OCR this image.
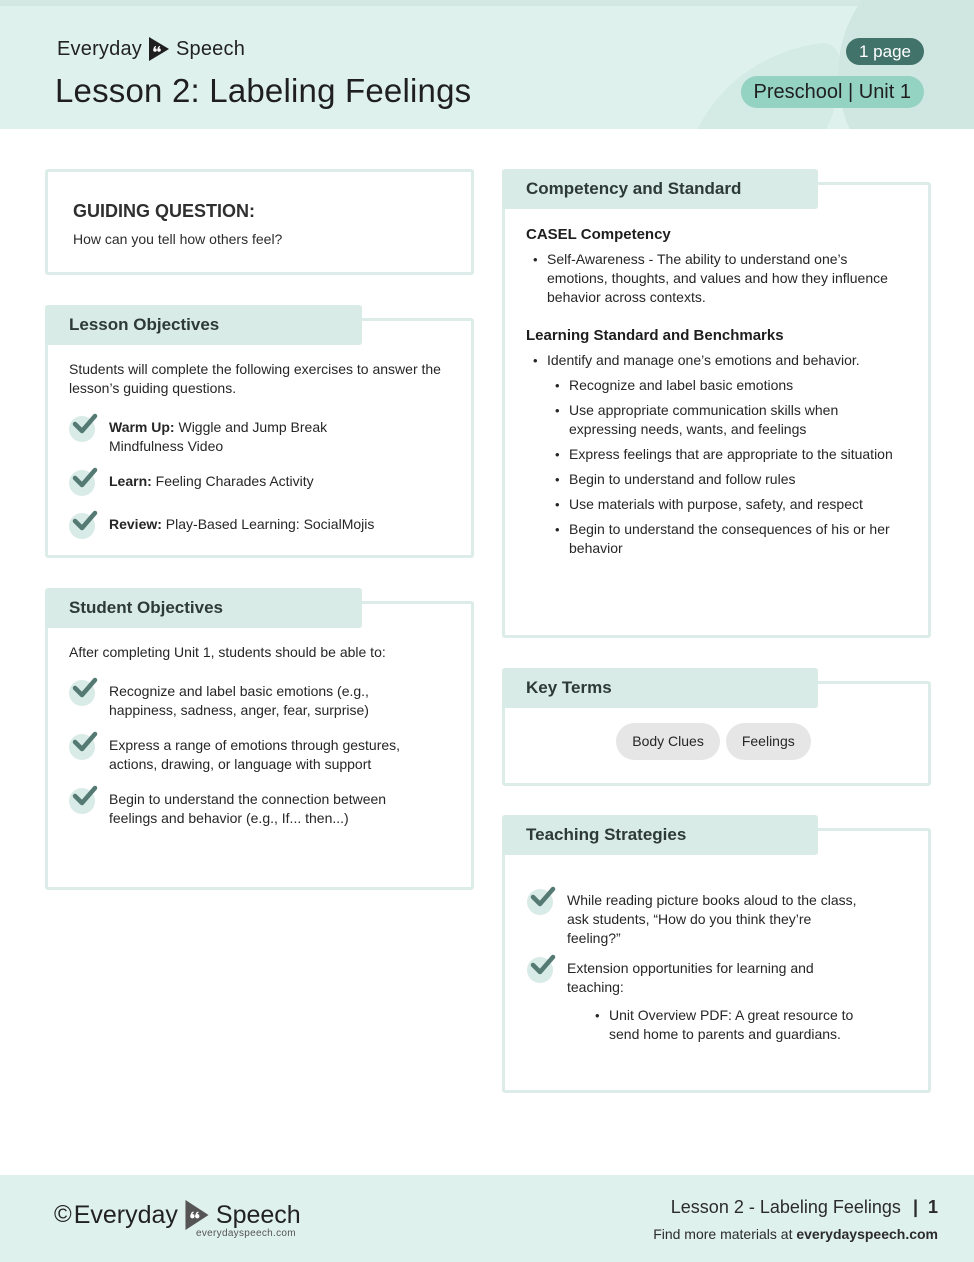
Everyday Speech
Lesson 2: Labeling Feelings
1 page
Preschool | Unit 1
GUIDING QUESTION:
How can you tell how others feel?
Students will complete the following exercises to answer the lesson’s guiding questions.
Warm Up: Wiggle and Jump Break Mindfulness Video
Learn: Feeling Charades Activity
Review: Play-Based Learning: SocialMojis
Lesson Objectives
After completing Unit 1, students should be able to:
Recognize and label basic emotions (e.g., happiness, sadness, anger, fear, surprise)
Express a range of emotions through gestures, actions, drawing, or language with support
Begin to understand the connection between feelings and behavior (e.g., If... then...)
Student Objectives
CASEL Competency
• Self-Awareness - The ability to understand one’s emotions, thoughts, and values and how they influence behavior across contexts.
Learning Standard and Benchmarks
• Identify and manage one’s emotions and behavior.
• Recognize and label basic emotions
• Use appropriate communication skills when expressing needs, wants, and feelings
• Express feelings that are appropriate to the situation
• Begin to understand and follow rules
• Use materials with purpose, safety, and respect
• Begin to understand the consequences of his or her behavior
Competency and Standard
Body Clues	Feelings
Key Terms
While reading picture books aloud to the class, ask students, “How do you think they’re feeling?”
Extension opportunities for learning and teaching:
• Unit Overview PDF: A great resource to send home to parents and guardians.
Teaching Strategies
© Everyday Speech
everydayspeech.com
Lesson 2 - Labeling Feelings | 1
Find more materials at everydayspeech.com
